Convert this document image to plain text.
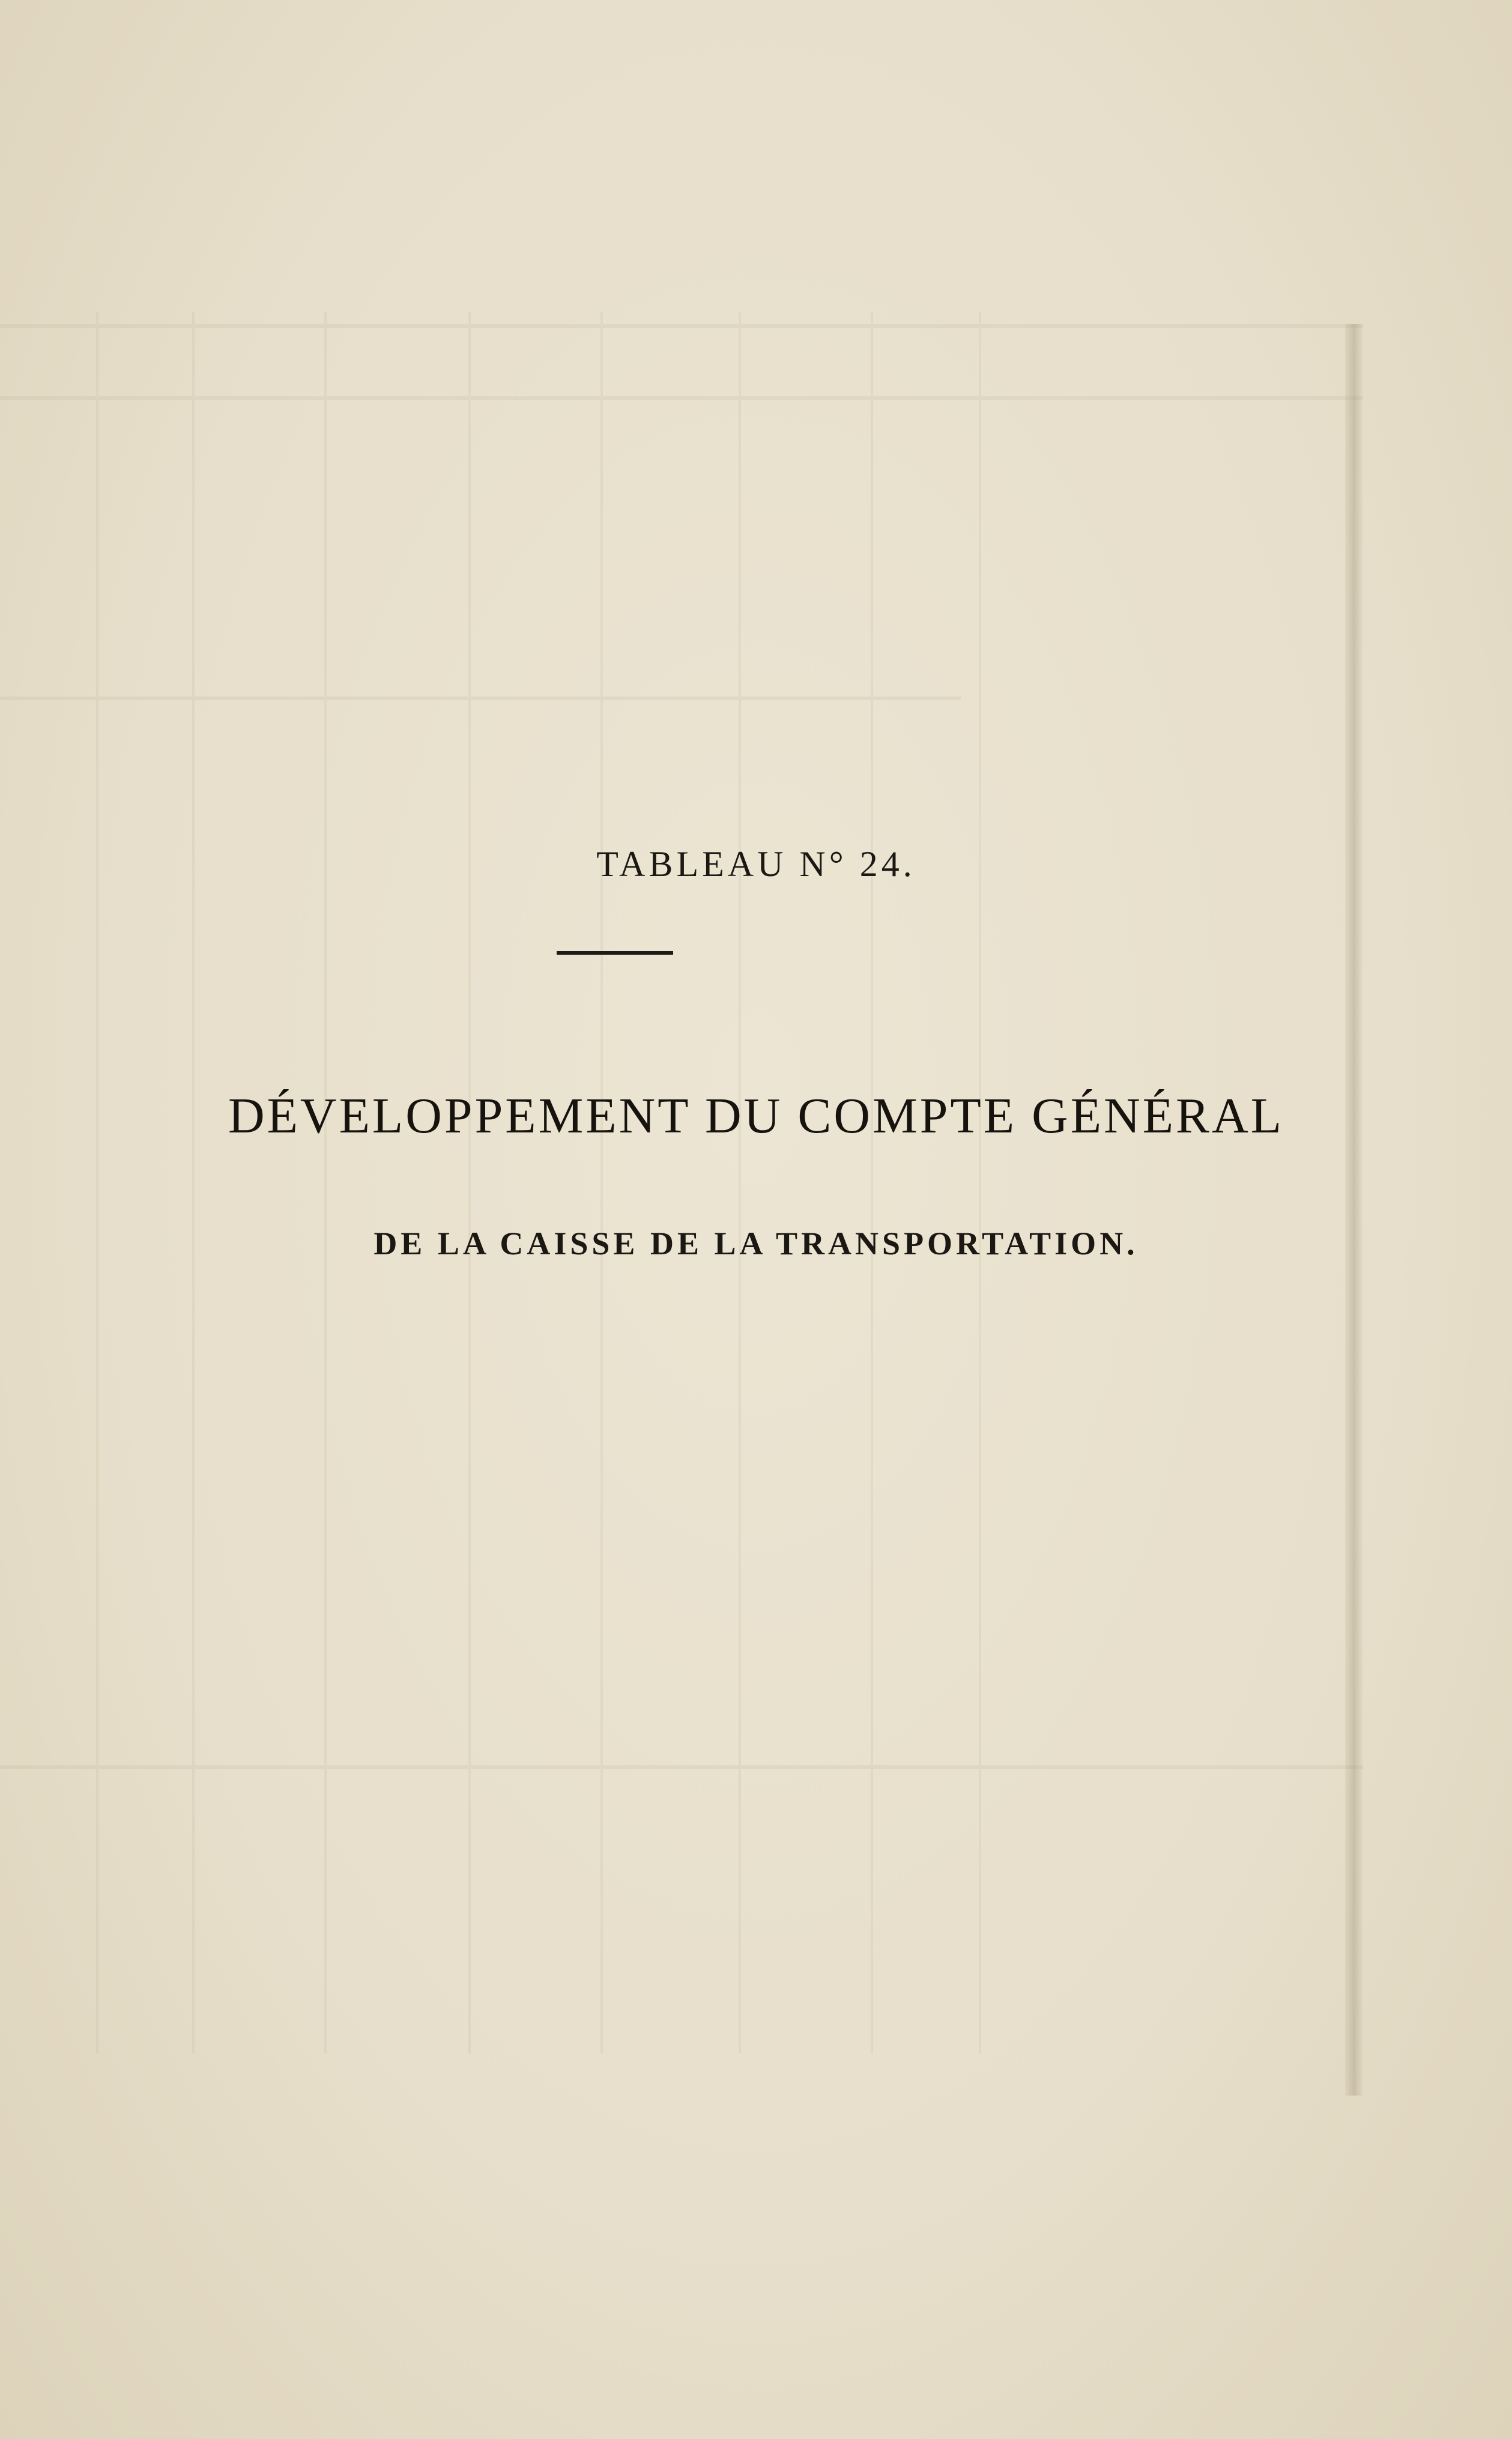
TABLEAU N° 24.
DÉVELOPPEMENT DU COMPTE GÉNÉRAL
DE LA CAISSE DE LA TRANSPORTATION.
